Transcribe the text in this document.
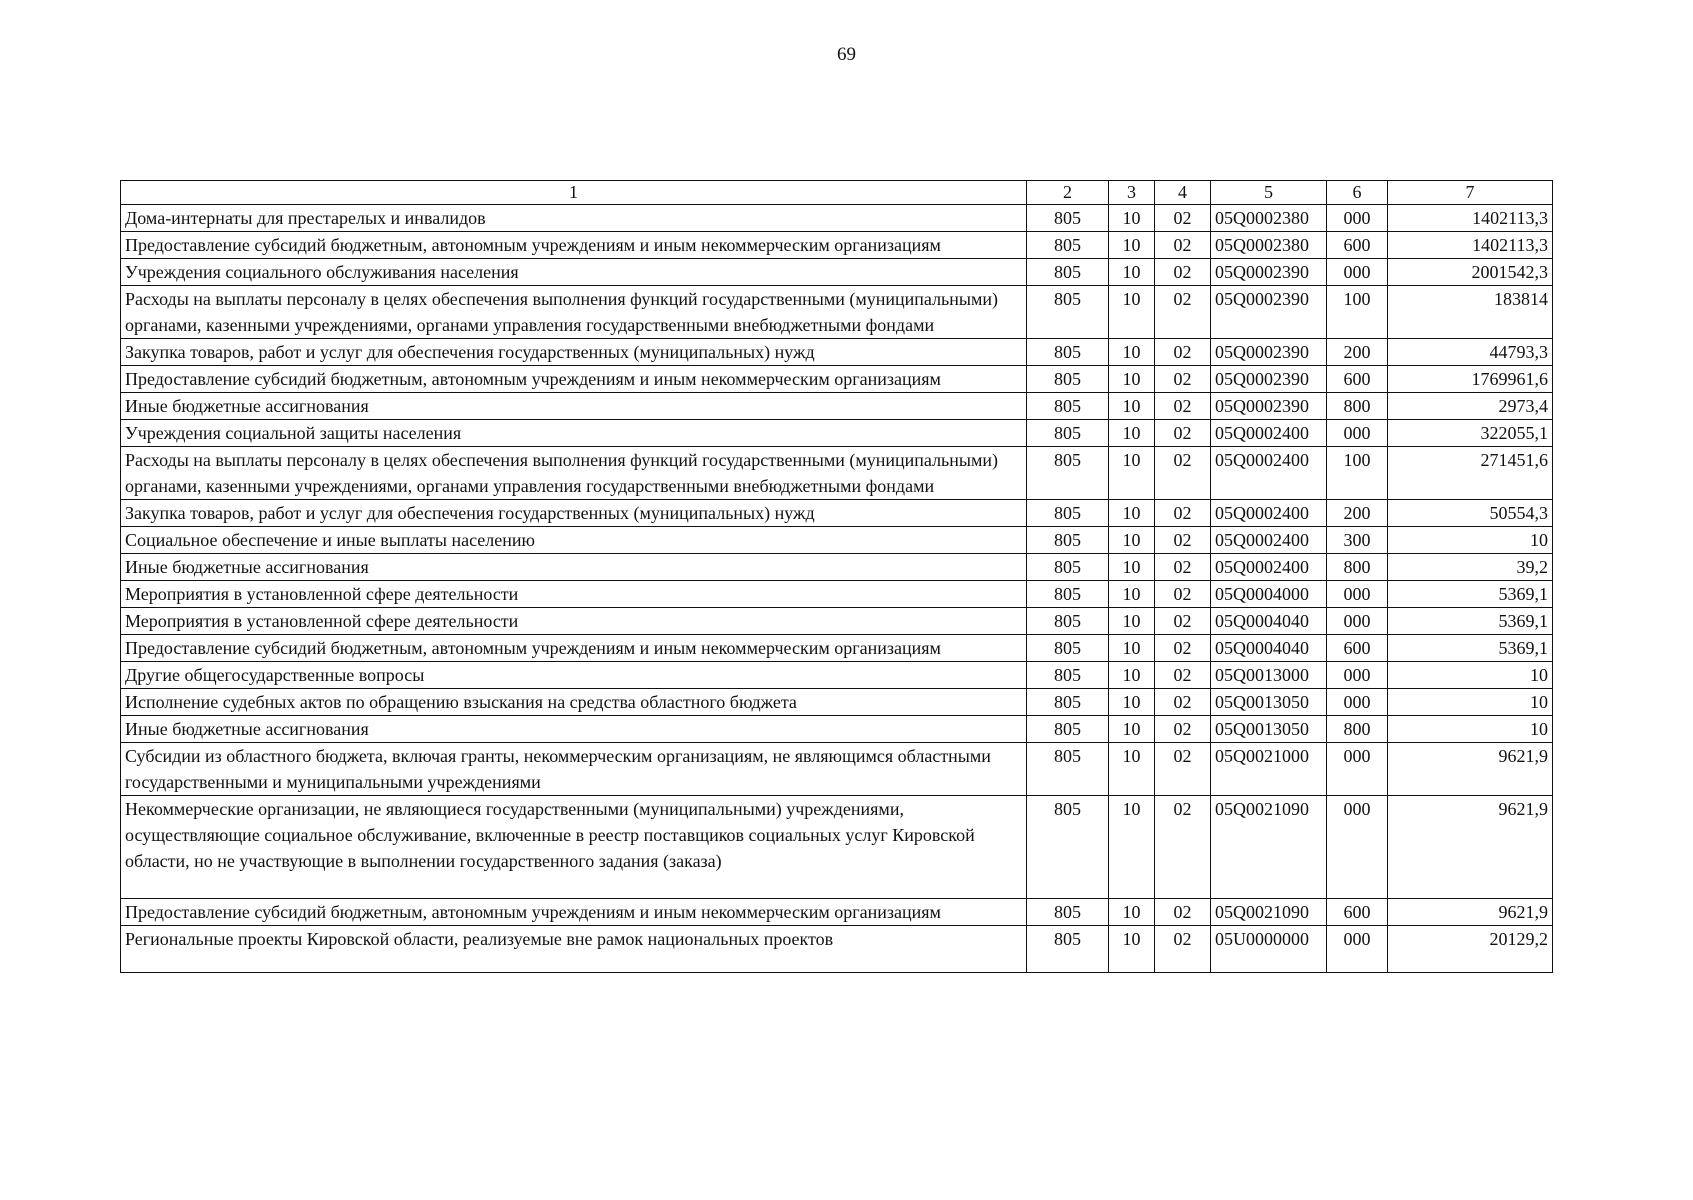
69
1	2	3	4	5	6	7
Дома-интернаты для престарелых и инвалидов	805	10	02	05Q0002380	000	1402113,3
Предоставление субсидий бюджетным, автономным учреждениям и иным некоммерческим организациям	805	10	02	05Q0002380	600	1402113,3
Учреждения социального обслуживания населения	805	10	02	05Q0002390	000	2001542,3
Расходы на выплаты персоналу в целях обеспечения выполнения функций государственными (муниципальными) органами, казенными учреждениями, органами управления государственными внебюджетными фондами	805	10	02	05Q0002390	100	183814
Закупка товаров, работ и услуг для обеспечения государственных (муниципальных) нужд	805	10	02	05Q0002390	200	44793,3
Предоставление субсидий бюджетным, автономным учреждениям и иным некоммерческим организациям	805	10	02	05Q0002390	600	1769961,6
Иные бюджетные ассигнования	805	10	02	05Q0002390	800	2973,4
Учреждения социальной защиты населения	805	10	02	05Q0002400	000	322055,1
Расходы на выплаты персоналу в целях обеспечения выполнения функций государственными (муниципальными) органами, казенными учреждениями, органами управления государственными внебюджетными фондами	805	10	02	05Q0002400	100	271451,6
Закупка товаров, работ и услуг для обеспечения государственных (муниципальных) нужд	805	10	02	05Q0002400	200	50554,3
Социальное обеспечение и иные выплаты населению	805	10	02	05Q0002400	300	10
Иные бюджетные ассигнования	805	10	02	05Q0002400	800	39,2
Мероприятия в установленной сфере деятельности	805	10	02	05Q0004000	000	5369,1
Мероприятия в установленной сфере деятельности	805	10	02	05Q0004040	000	5369,1
Предоставление субсидий бюджетным, автономным учреждениям и иным некоммерческим организациям	805	10	02	05Q0004040	600	5369,1
Другие общегосударственные вопросы	805	10	02	05Q0013000	000	10
Исполнение судебных актов по обращению взыскания на средства областного бюджета	805	10	02	05Q0013050	000	10
Иные бюджетные ассигнования	805	10	02	05Q0013050	800	10
Субсидии из областного бюджета, включая гранты, некоммерческим организациям, не являющимся областными государственными и муниципальными учреждениями	805	10	02	05Q0021000	000	9621,9
Некоммерческие организации, не являющиеся государственными (муниципальными) учреждениями, осуществляющие социальное обслуживание, включенные в реестр поставщиков социальных услуг Кировской области, но не участвующие в выполнении государственного задания (заказа)	805	10	02	05Q0021090	000	9621,9
Предоставление субсидий бюджетным, автономным учреждениям и иным некоммерческим организациям	805	10	02	05Q0021090	600	9621,9
Региональные проекты Кировской области, реализуемые вне рамок национальных проектов	805	10	02	05U0000000	000	20129,2
